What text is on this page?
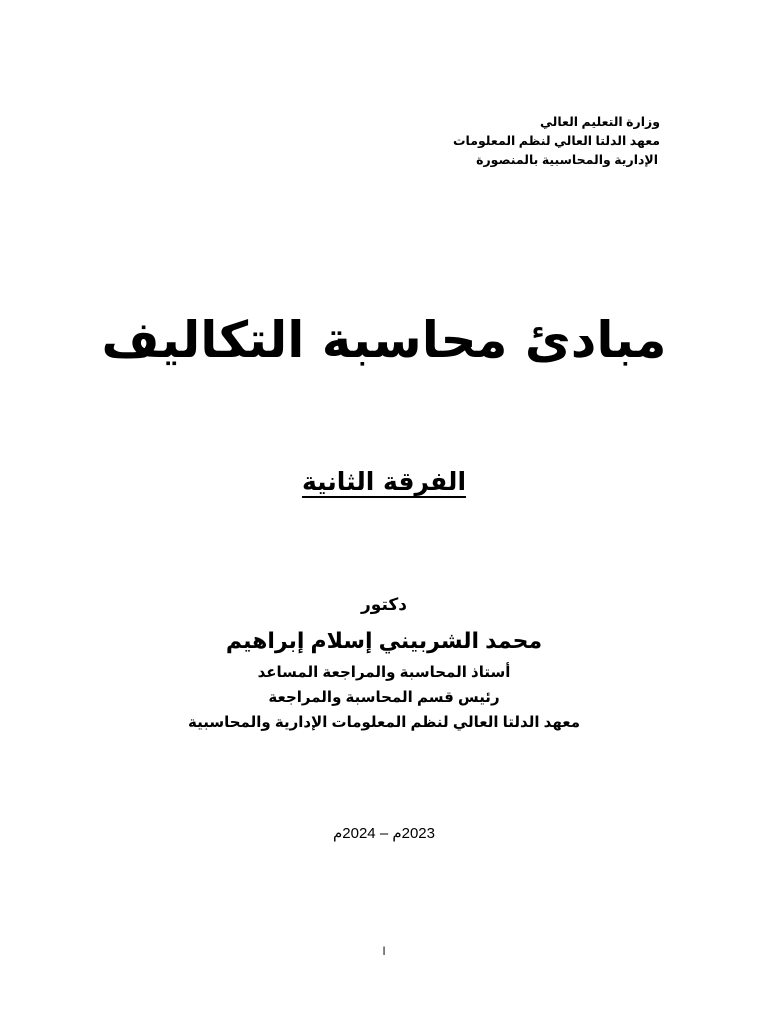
وزارة التعليم العالي
معهد الدلتا العالي لنظم المعلومات
الإدارية والمحاسبية بالمنصورة
مبادئ محاسبة التكاليف
الفرقة الثانية
دكتور
محمد الشربيني إسلام إبراهيم
أستاذ المحاسبة والمراجعة المساعد
رئيس قسم المحاسبة والمراجعة
معهد الدلتا العالي لنظم المعلومات الإدارية والمحاسبية
2023م – 2024م
ا
